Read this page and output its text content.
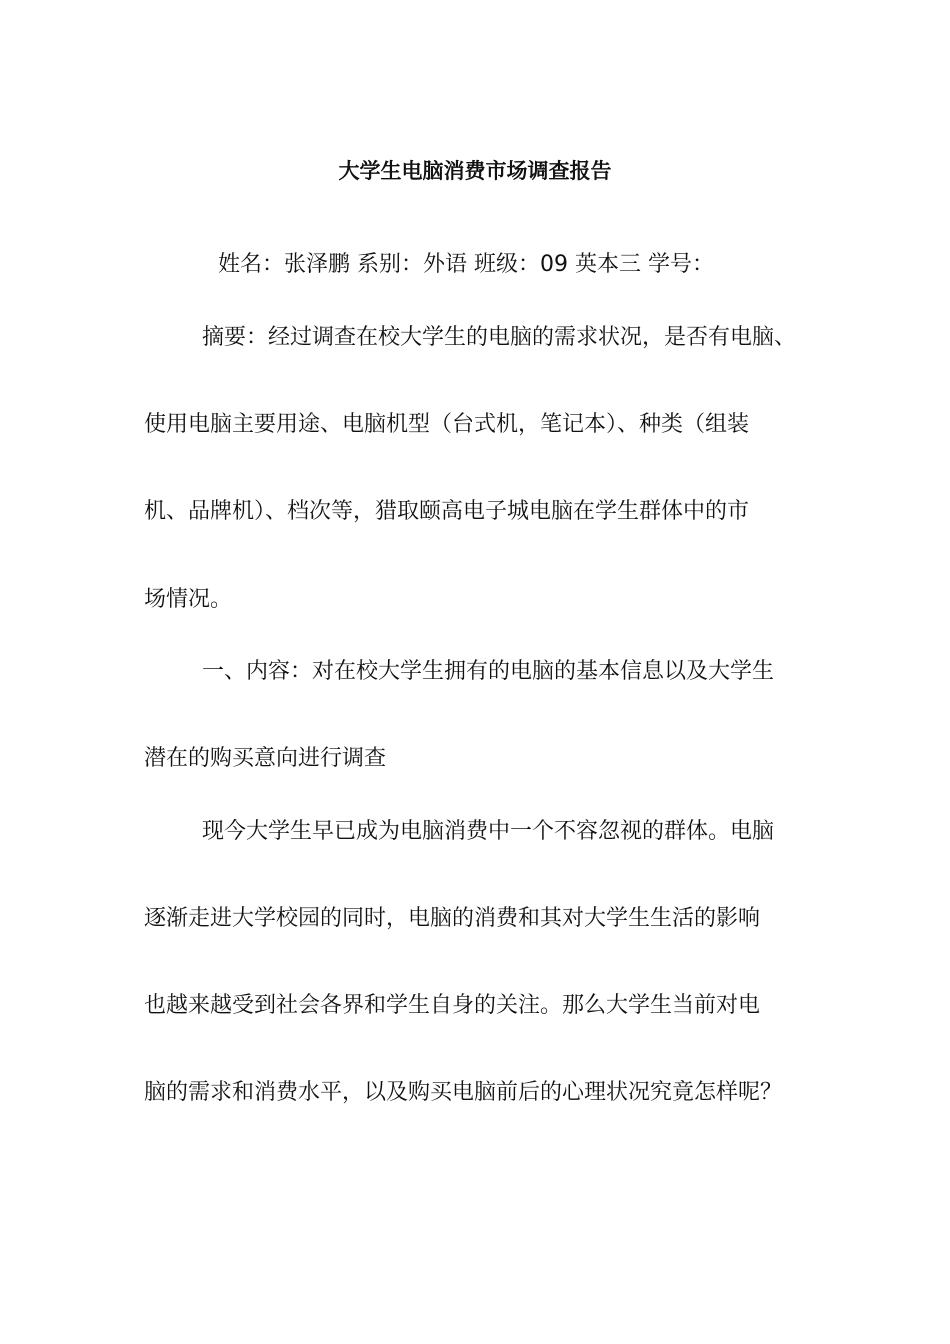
大学生电脑消费市场调查报告
姓名：张泽鹏 系别：外语 班级：09 英本三 学号：
摘要：经过调查在校大学生的电脑的需求状况，是否有电脑、
使用电脑主要用途、电脑机型（台式机，笔记本）、种类（组装
机、品牌机）、档次等，猎取颐高电子城电脑在学生群体中的市
场情况。
一、内容：对在校大学生拥有的电脑的基本信息以及大学生
潜在的购买意向进行调查
现今大学生早已成为电脑消费中一个不容忽视的群体。电脑
逐渐走进大学校园的同时，电脑的消费和其对大学生生活的影响
也越来越受到社会各界和学生自身的关注。那么大学生当前对电
脑的需求和消费水平，以及购买电脑前后的心理状况究竟怎样呢？
